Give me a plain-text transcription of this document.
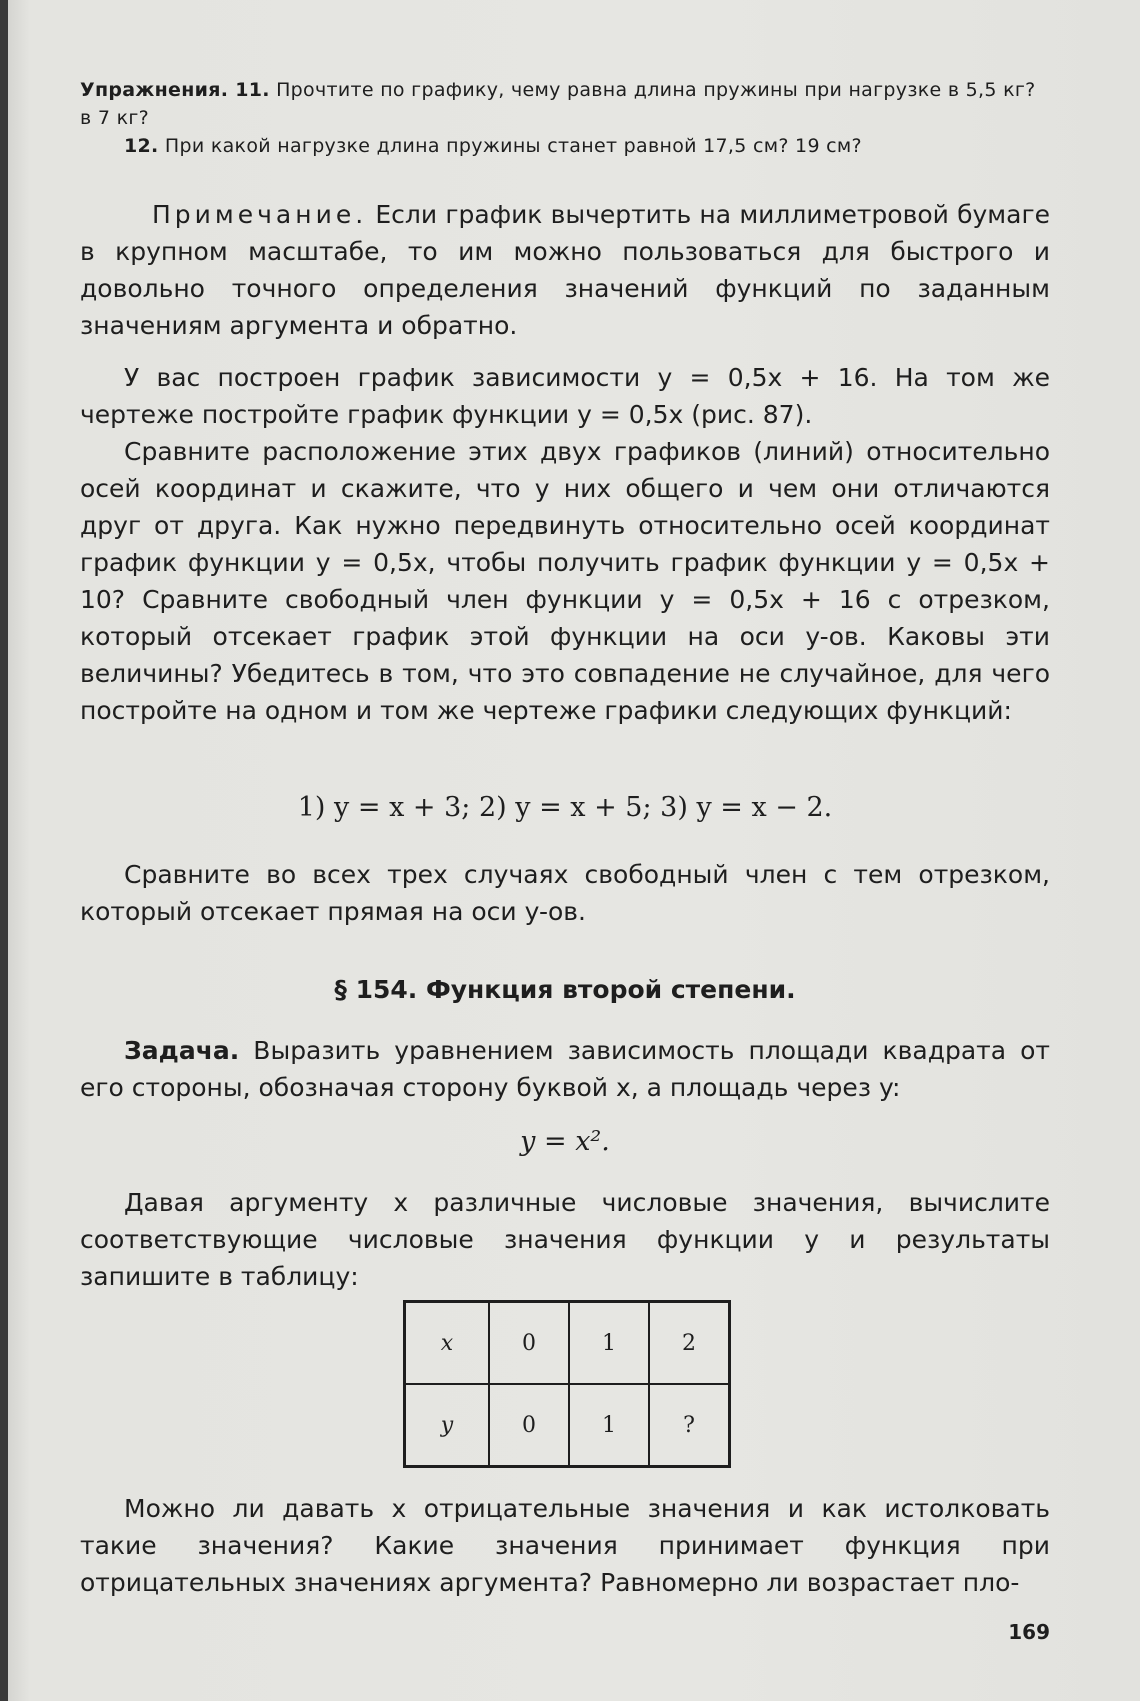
Упражнения. 11. Прочтите по графику, чему равна длина пружины при нагрузке в 5,5 кг? в 7 кг?
12. При какой нагрузке длина пружины станет равной 17,5 см? 19 см?
Примечание. Если график вычертить на миллиметровой бумаге в крупном масштабе, то им можно пользоваться для быстрого и довольно точного определения значений функций по заданным значениям аргумента и обратно.

У вас построен график зависимости y = 0,5x + 16. На том же чертеже постройте график функции y = 0,5x (рис. 87).

Сравните расположение этих двух графиков (линий) относительно осей координат и скажите, что у них общего и чем они отличаются друг от друга. Как нужно передвинуть относительно осей координат график функции y = 0,5x, чтобы получить график функции y = 0,5x + 10? Сравните свободный член функции y = 0,5x + 16 с отрезком, который отсекает график этой функции на оси y-ов. Каковы эти величины? Убедитесь в том, что это совпадение не случайное, для чего постройте на одном и том же чертеже графики следующих функций:

1) y = x + 3; 2) y = x + 5; 3) y = x − 2.

Сравните во всех трех случаях свободный член с тем отрезком, который отсекает прямая на оси y-ов.

§ 154. Функция второй степени.

Задача. Выразить уравнением зависимость площади квадрата от его стороны, обозначая сторону буквой x, а площадь через y:

y = x².

Давая аргументу x различные числовые значения, вычислите соответствующие числовые значения функции y и результаты запишите в таблицу:

x	0	1	2
y	0	1	?

Можно ли давать x отрицательные значения и как истолковать такие значения? Какие значения принимает функция при отрицательных значениях аргумента? Равномерно ли возрастает пло-

169
